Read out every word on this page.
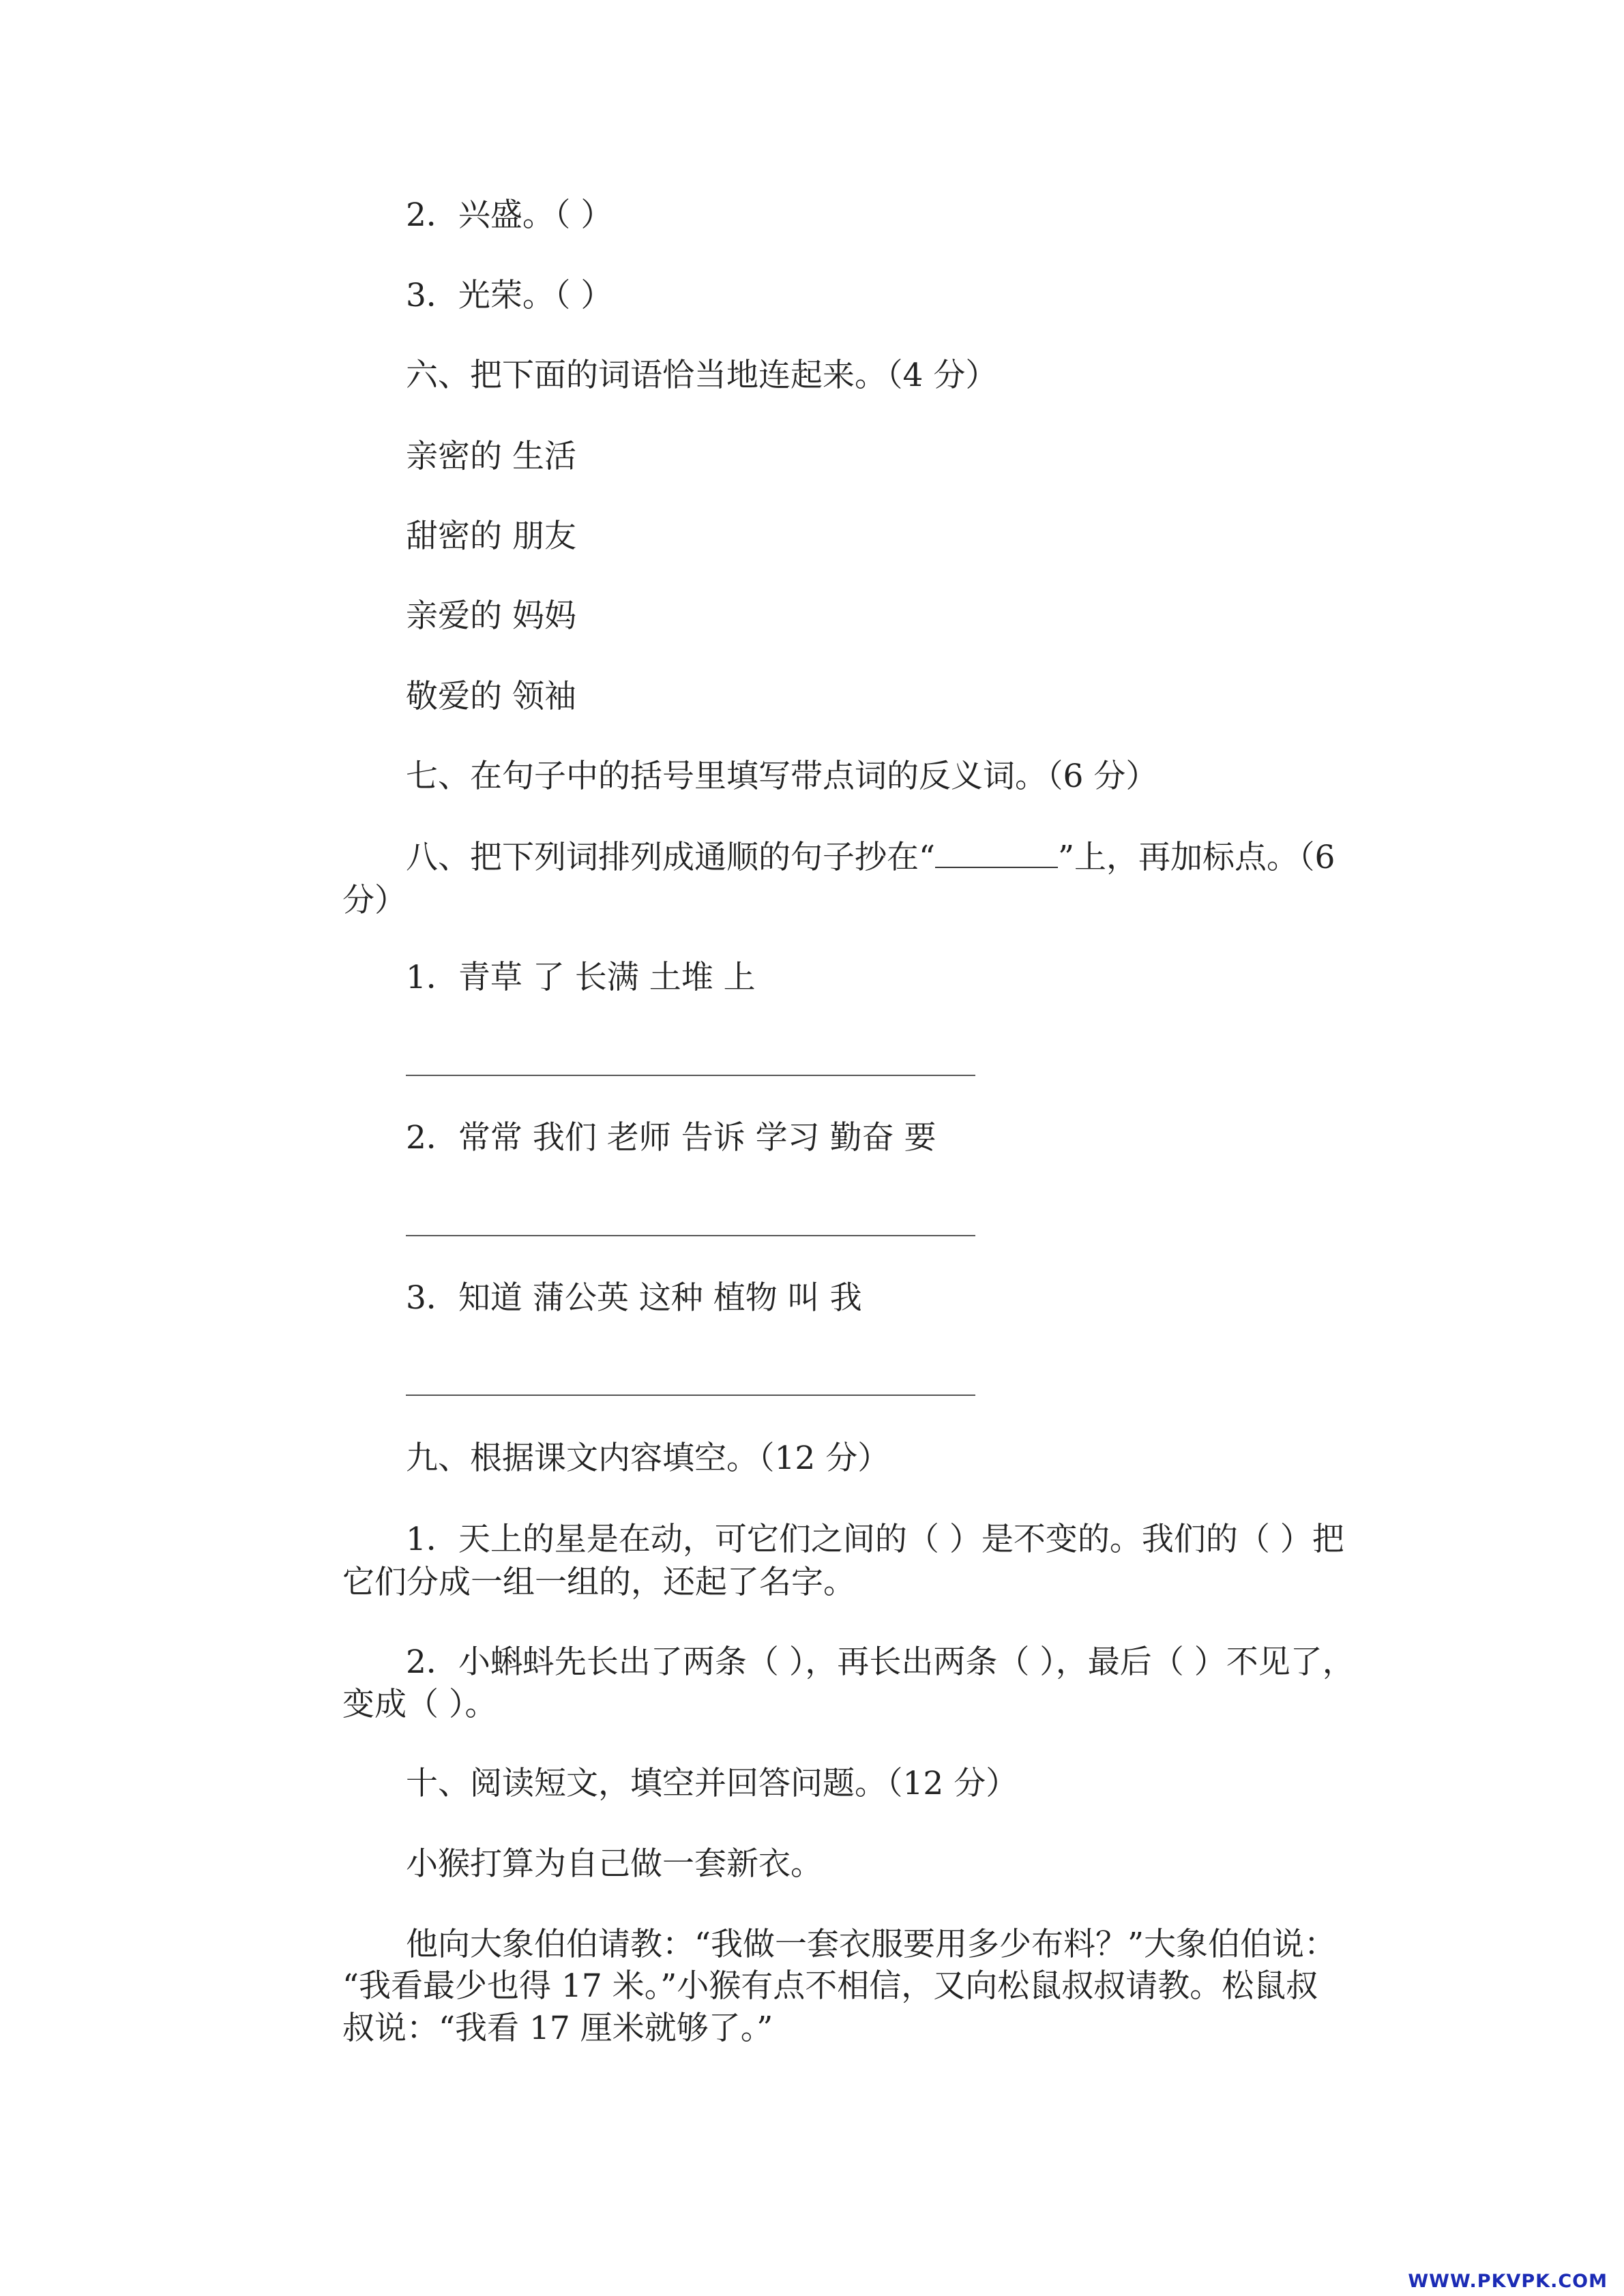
2．兴盛。（ ）
3．光荣。（ ）
六、把下面的词语恰当地连起来。（4 分）
亲密的 生活
甜密的 朋友
亲爱的 妈妈
敬爱的 领袖
七、在句子中的括号里填写带点词的反义词。（6 分）
八、把下列词排列成通顺的句子抄在“	”上，再加标点。（6
分）
1．青草 了 长满 土堆 上
2．常常 我们 老师 告诉 学习 勤奋 要
3．知道 蒲公英 这种 植物 叫 我
九、根据课文内容填空。（12 分）
1．天上的星是在动，可它们之间的（ ）是不变的。我们的（ ）把
它们分成一组一组的，还起了名字。
2．小蝌蚪先长出了两条（ ），再长出两条（ ），最后（ ）不见了，
变成（ ）。
十、阅读短文，填空并回答问题。（12 分）
小猴打算为自己做一套新衣。
他向大象伯伯请教：“我做一套衣服要用多少布料？”大象伯伯说：
“我看最少也得 17 米。”小猴有点不相信，又向松鼠叔叔请教。松鼠叔
叔说：“我看 17 厘米就够了。”
WWW.PKVPK.COM
